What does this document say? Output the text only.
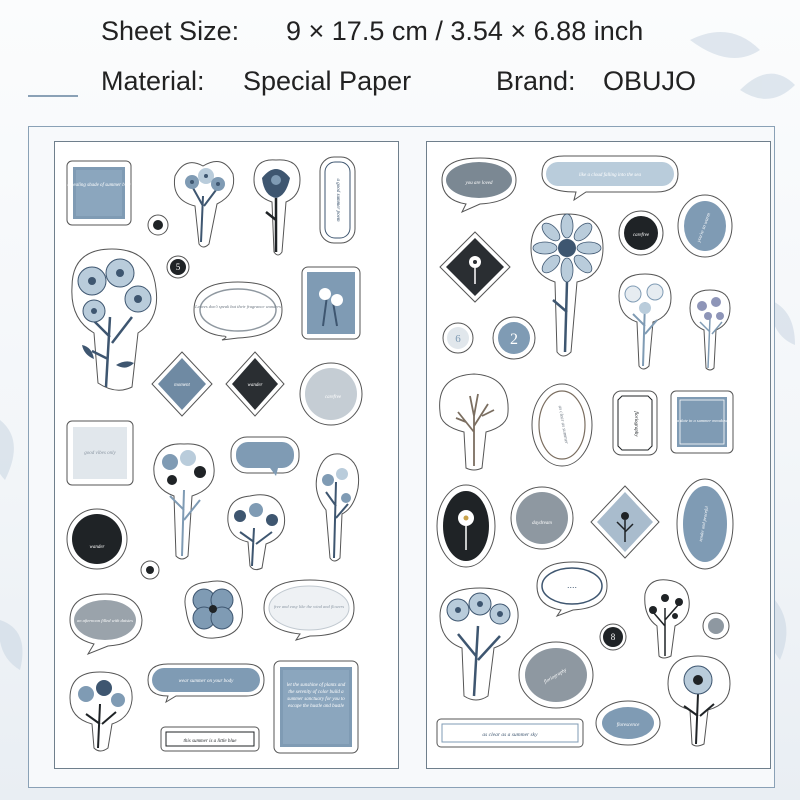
Sheet Size: 9 × 17.5 cm / 3.54 × 6.88 inch
Material: Special Paper	Brand: OBUJO
a healing shade of summer blue	a good summer poem
5
Leaves don't speak but their fragrance wanders
moment	wander
carefree
good vibes only
wander
an afternoon filled with daisies
free and easy like the wind and flowers
wear summer on your body
let the sunshine of plants and the serenity of color build a summer sanctuary for you to escape the hustle and bustle
this summer is a little blue
you are loved
like a cloud falling into the sea
carefree	you're so warm
6	2
as clear as summer	floriography	a date in a summer meadow
daydream	tender and peaceful
....
8
floriography
florescence
as clear as a summer sky
